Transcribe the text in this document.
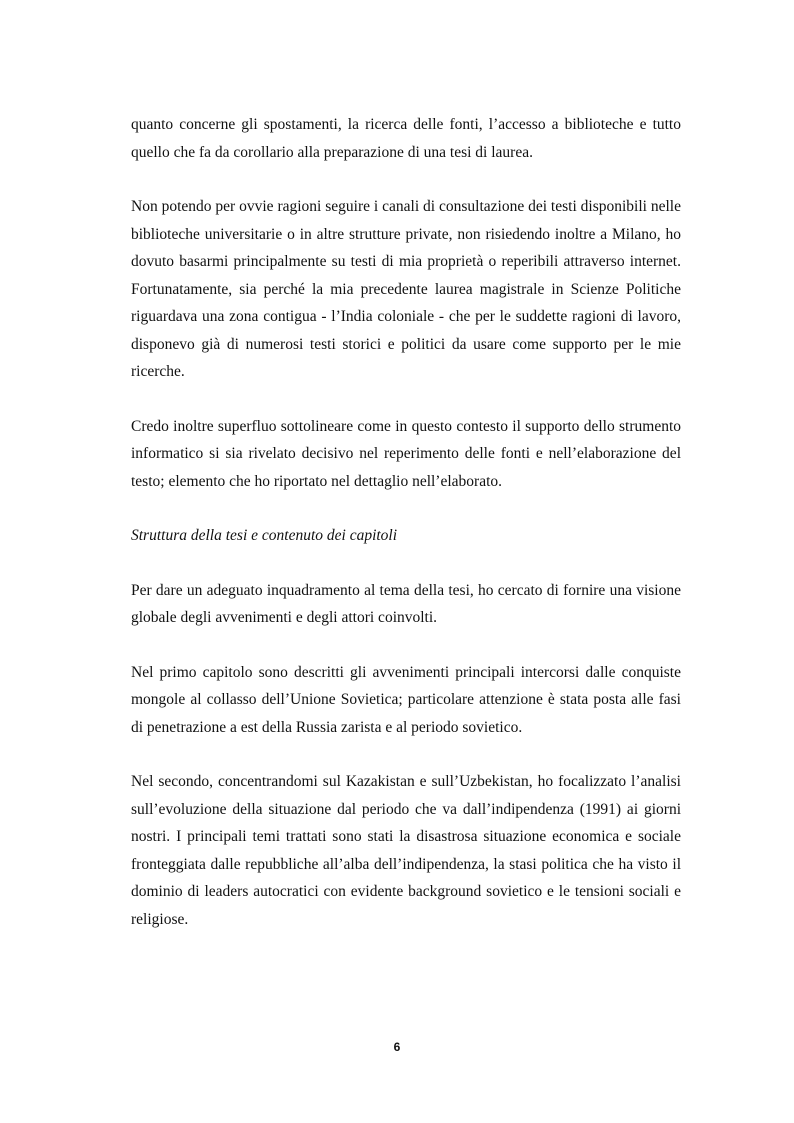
quanto concerne gli spostamenti, la ricerca delle fonti, l’accesso a biblioteche e tutto quello che fa da corollario alla preparazione di una tesi di laurea.

Non potendo per ovvie ragioni seguire i canali di consultazione dei testi disponibili nelle biblioteche universitarie o in altre strutture private, non risiedendo inoltre a Milano, ho dovuto basarmi principalmente su testi di mia proprietà o reperibili attraverso internet. Fortunatamente, sia perché la mia precedente laurea magistrale in Scienze Politiche riguardava una zona contigua - l’India coloniale - che per le suddette ragioni di lavoro, disponevo già di numerosi testi storici e politici da usare come supporto per le mie ricerche.

Credo inoltre superfluo sottolineare come in questo contesto il supporto dello strumento informatico si sia rivelato decisivo nel reperimento delle fonti e nell’elaborazione del testo; elemento che ho riportato nel dettaglio nell’elaborato.

Struttura della tesi e contenuto dei capitoli

Per dare un adeguato inquadramento al tema della tesi, ho cercato di fornire una visione globale degli avvenimenti e degli attori coinvolti.

Nel primo capitolo sono descritti gli avvenimenti principali intercorsi dalle conquiste mongole al collasso dell’Unione Sovietica; particolare attenzione è stata posta alle fasi di penetrazione a est della Russia zarista e al periodo sovietico.

Nel secondo, concentrandomi sul Kazakistan e sull’Uzbekistan, ho focalizzato l’analisi sull’evoluzione della situazione dal periodo che va dall’indipendenza (1991) ai giorni nostri. I principali temi trattati sono stati la disastrosa situazione economica e sociale fronteggiata dalle repubbliche all’alba dell’indipendenza, la stasi politica che ha visto il dominio di leaders autocratici con evidente background sovietico e le tensioni sociali e religiose.

6
